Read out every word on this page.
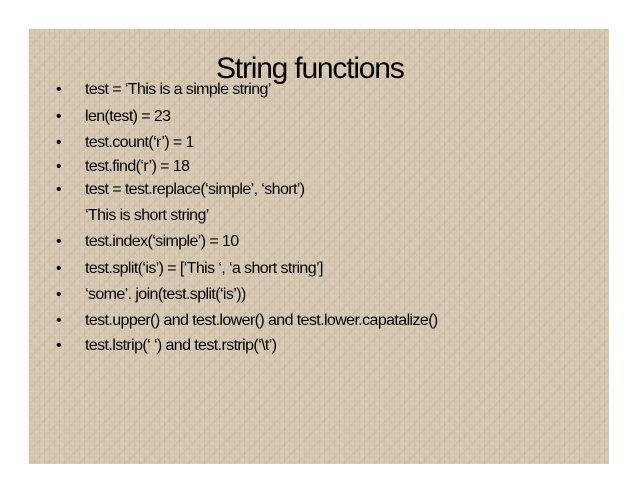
test = ‘This is a simple string’
•
String functions
• len(test) = 23
• test.count(‘r’) = 1
• test.find(‘r’) = 18
• test = test.replace(‘simple’, ‘short’)
‘This is short string’
• test.index(‘simple’) = 10
• test.split(‘is’) = [‘This ‘, ‘a short string’]
• ‘some’. join(test.split(‘is’))
• test.upper() and test.lower() and test.lower.capatalize()
• test.lstrip(‘ ‘) and test.rstrip(‘\t’)
